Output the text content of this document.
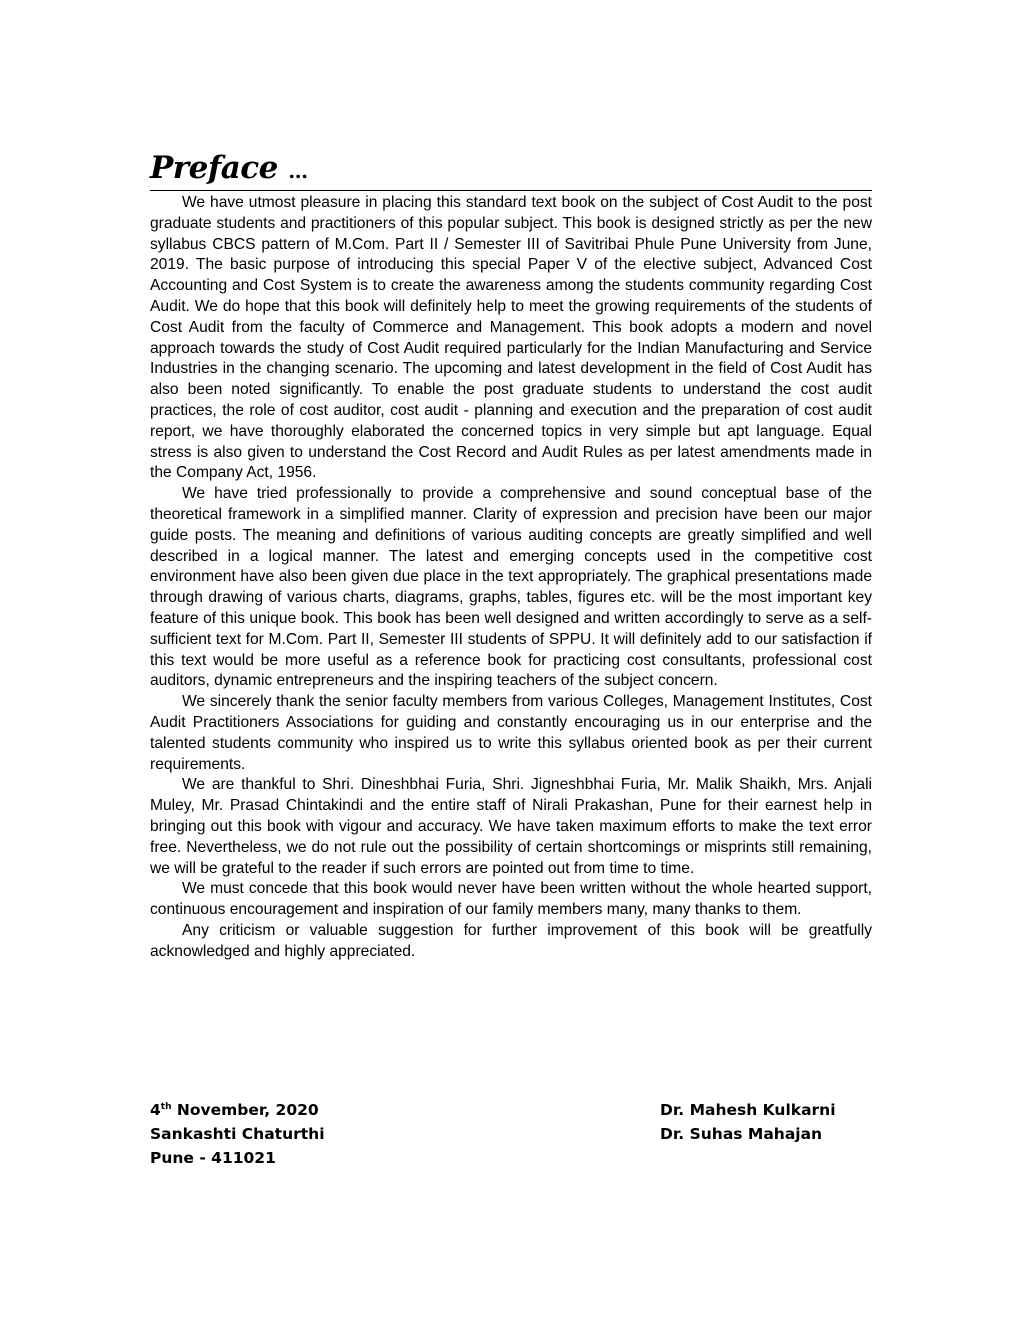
Preface ...

We have utmost pleasure in placing this standard text book on the subject of Cost Audit to the post graduate students and practitioners of this popular subject. This book is designed strictly as per the new syllabus CBCS pattern of M.Com. Part II / Semester III of Savitribai Phule Pune University from June, 2019. The basic purpose of introducing this special Paper V of the elective subject, Advanced Cost Accounting and Cost System is to create the awareness among the students community regarding Cost Audit. We do hope that this book will definitely help to meet the growing requirements of the students of Cost Audit from the faculty of Commerce and Management. This book adopts a modern and novel approach towards the study of Cost Audit required particularly for the Indian Manufacturing and Service Industries in the changing scenario. The upcoming and latest development in the field of Cost Audit has also been noted significantly. To enable the post graduate students to understand the cost audit practices, the role of cost auditor, cost audit - planning and execution and the preparation of cost audit report, we have thoroughly elaborated the concerned topics in very simple but apt language. Equal stress is also given to understand the Cost Record and Audit Rules as per latest amendments made in the Company Act, 1956.

We have tried professionally to provide a comprehensive and sound conceptual base of the theoretical framework in a simplified manner. Clarity of expression and precision have been our major guide posts. The meaning and definitions of various auditing concepts are greatly simplified and well described in a logical manner. The latest and emerging concepts used in the competitive cost environment have also been given due place in the text appropriately. The graphical presentations made through drawing of various charts, diagrams, graphs, tables, figures etc. will be the most important key feature of this unique book. This book has been well designed and written accordingly to serve as a self-sufficient text for M.Com. Part II, Semester III students of SPPU. It will definitely add to our satisfaction if this text would be more useful as a reference book for practicing cost consultants, professional cost auditors, dynamic entrepreneurs and the inspiring teachers of the subject concern.

We sincerely thank the senior faculty members from various Colleges, Management Institutes, Cost Audit Practitioners Associations for guiding and constantly encouraging us in our enterprise and the talented students community who inspired us to write this syllabus oriented book as per their current requirements.

We are thankful to Shri. Dineshbhai Furia, Shri. Jigneshbhai Furia, Mr. Malik Shaikh, Mrs. Anjali Muley, Mr. Prasad Chintakindi and the entire staff of Nirali Prakashan, Pune for their earnest help in bringing out this book with vigour and accuracy. We have taken maximum efforts to make the text error free. Nevertheless, we do not rule out the possibility of certain shortcomings or misprints still remaining, we will be grateful to the reader if such errors are pointed out from time to time.

We must concede that this book would never have been written without the whole hearted support, continuous encouragement and inspiration of our family members many, many thanks to them.

Any criticism or valuable suggestion for further improvement of this book will be greatfully acknowledged and highly appreciated.

4th November, 2020
Sankashti Chaturthi
Pune - 411021
Dr. Mahesh Kulkarni
Dr. Suhas Mahajan
